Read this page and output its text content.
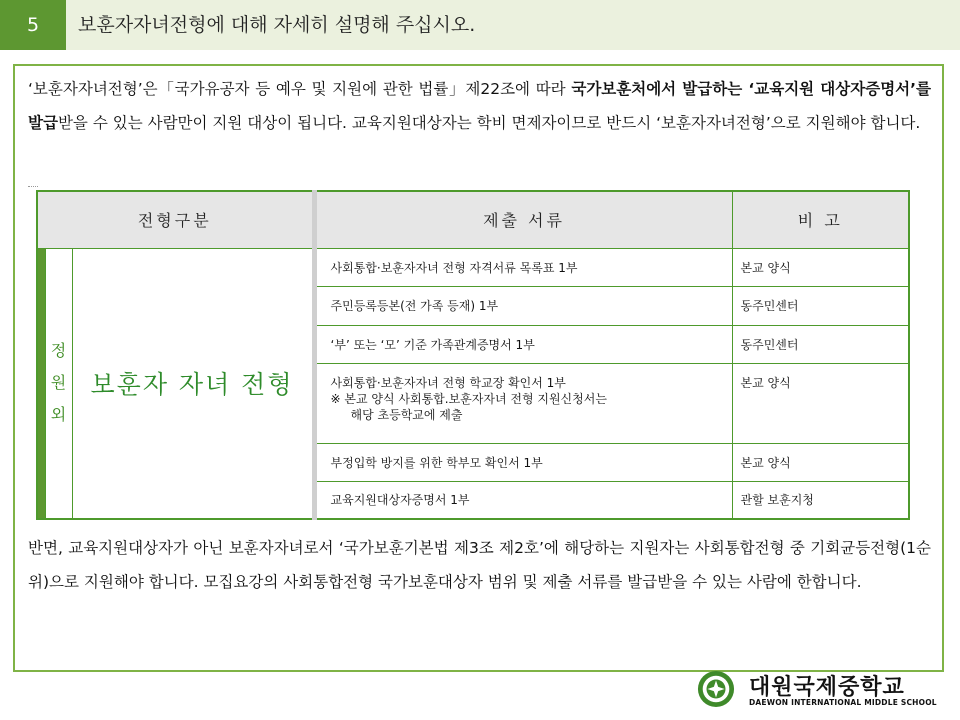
5	보훈자자녀전형에 대해 자세히 설명해 주십시오.

‘보훈자자녀전형’은「국가유공자 등 예우 및 지원에 관한 법률」제22조에 따라 국가보훈처에서 발급하는 ‘교육지원 대상자증명서’를 발급받을 수 있는 사람만이 지원 대상이 됩니다. 교육지원대상자는 학비 면제자이므로 반드시 ‘보훈자자녀전형’으로 지원해야 합니다.

전형구분			제출 서류	비 고
	정
원
외	보훈자 자녀 전형	사회통합·보훈자자녀 전형 자격서류 목록표 1부	본교 양식
			주민등록등본(전 가족 등재) 1부	동주민센터
			‘부’ 또는 ‘모’ 기준 가족관계증명서 1부	동주민센터
			사회통합·보훈자자녀 전형 학교장 확인서 1부
※ 본교 양식 사회통합.보훈자자녀 전형 지원신청서는
해당 초등학교에 제출	본교 양식
			부정입학 방지를 위한 학부모 확인서 1부	본교 양식
			교육지원대상자증명서 1부	관할 보훈지청

반면, 교육지원대상자가 아닌 보훈자자녀로서 ‘국가보훈기본법 제3조 제2호’에 해당하는 지원자는 사회통합전형 중 기회균등전형(1순위)으로 지원해야 합니다. 모집요강의 사회통합전형 국가보훈대상자 범위 및 제출 서류를 발급받을 수 있는 사람에 한합니다.

대원국제중학교
DAEWON INTERNATIONAL MIDDLE SCHOOL
